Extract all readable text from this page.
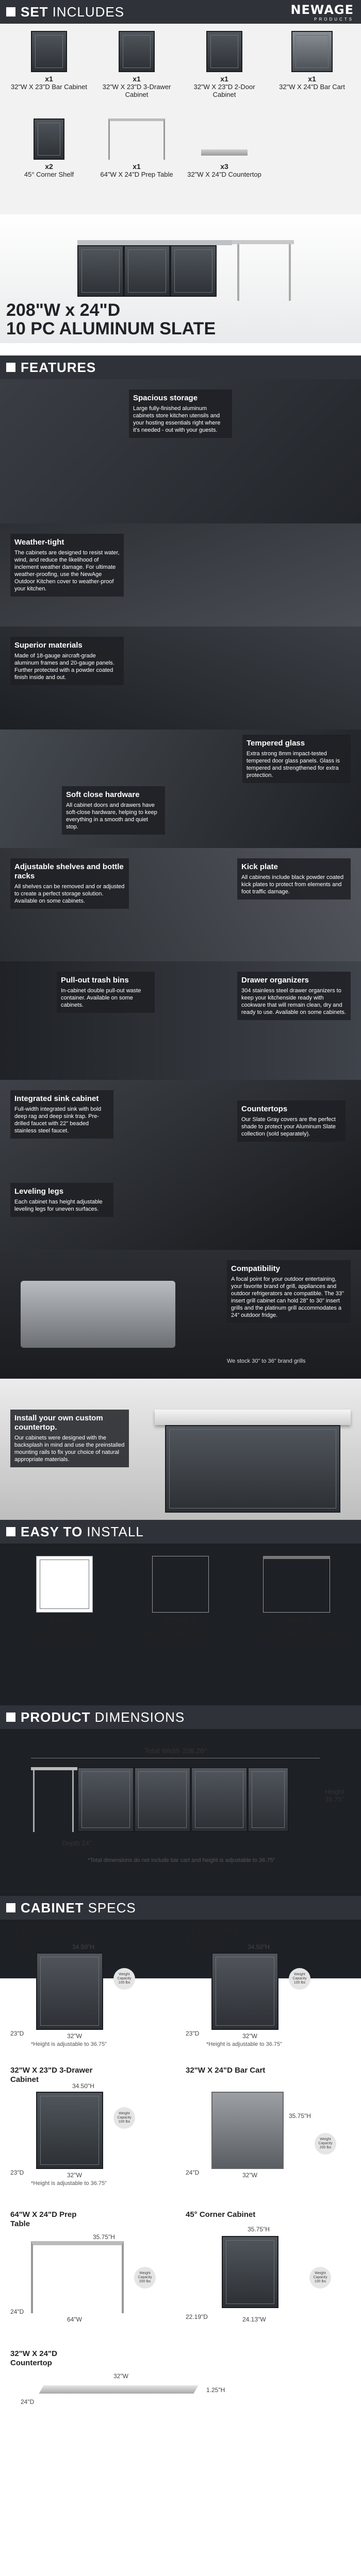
SET INCLUDES	NEWAGE
PRODUCTS
x1
32"W X 23"D Bar Cabinet
x1
32"W X 23"D 3-Drawer Cabinet
x1
32"W X 23"D 2-Door Cabinet
x1
32"W X 24"D Bar Cart
x2
45° Corner Shelf
x1
64"W X 24"D Prep Table
x3
32"W X 24"D Countertop
208"W x 24"D
10 PC ALUMINUM SLATE
FEATURES
Spacious storage
Large fully-finished aluminum cabinets store kitchen utensils and your hosting essentials right where it's needed - out with your guests.
Weather-tight
The cabinets are designed to resist water, wind, and reduce the likelihood of inclement weather damage. For ultimate weather-proofing, use the NewAge Outdoor Kitchen cover to weather-proof your kitchen.
Superior materials
Made of 18-gauge aircraft-grade aluminum frames and 20-gauge panels. Further protected with a powder coated finish inside and out.
Tempered glass
Extra strong 8mm impact-tested tempered door glass panels. Glass is tempered and strengthened for extra protection.
Soft close hardware
All cabinet doors and drawers have soft-close hardware, helping to keep everything in a smooth and quiet stop.
Adjustable shelves and bottle racks
All shelves can be removed and or adjusted to create a perfect storage solution. Available on some cabinets.
Kick plate
All cabinets include black powder coated kick plates to protect from elements and foot traffic damage.
Pull-out trash bins
In-cabinet double pull-out waste container. Available on some cabinets.
Drawer organizers
304 stainless steel drawer organizers to keep your kitchenside ready with cookware that will remain clean, dry and ready to use. Available on some cabinets.
Integrated sink cabinet
Full-width integrated sink with bold deep rag and deep sink trap. Pre-drilled faucet with 22" beaded stainless steel faucet.
Leveling legs
Each cabinet has height adjustable leveling legs for uneven surfaces.
Countertops
Our Slate Gray covers are the perfect shade to protect your Aluminum Slate collection (sold separately).
Compatibility
A focal point for your outdoor entertaining, your favorite brand of grill, appliances and outdoor refrigerators are compatible. The 33" insert grill cabinet can hold 28" to 30" insert grills and the platinum grill accommodates a 24" outdoor fridge.
We stock 30" to 36" brand grills
Install your own custom countertop.
Our cabinets were designed with the backsplash in mind and use the preinstalled mounting rails to fix your choice of natural appropriate materials.
EASY TO INSTALL
STEP 1
Remove and recycle packaging.
STEP 2
Attach leveling legs to cabinetry.
STEP 3
Fasten cabinetry and install countertop.
PRODUCT DIMENSIONS
Total Width 208.26"
Height 35.75"
Depth 24"
*Total dimensions do not include bar cart and height is adjustable to 36.75"
CABINET SPECS
32"W X 23"D 2-Door Cabinet
34.50"H
23"D	32"W
*Height is adjustable to 36.75"
Weight Capacity 100 lbs
32"W X 23"D Bar Cabinet
34.50"H
23"D	32"W
*Height is adjustable to 36.75"
Weight Capacity 100 lbs
32"W X 23"D 3-Drawer Cabinet
34.50"H
23"D	32"W
*Height is adjustable to 36.75"
Weight Capacity 100 lbs
32"W X 24"D Bar Cart
35.75"H
24"D	32"W
Weight Capacity 200 lbs
64"W X 24"D Prep Table
35.75"H
24"D
64"W
Weight Capacity 200 lbs
45° Corner Cabinet
35.75"H
22.19"D	24.13"W
Weight Capacity 100 lbs
32"W X 24"D Countertop
32"W
24"D
1.25"H
